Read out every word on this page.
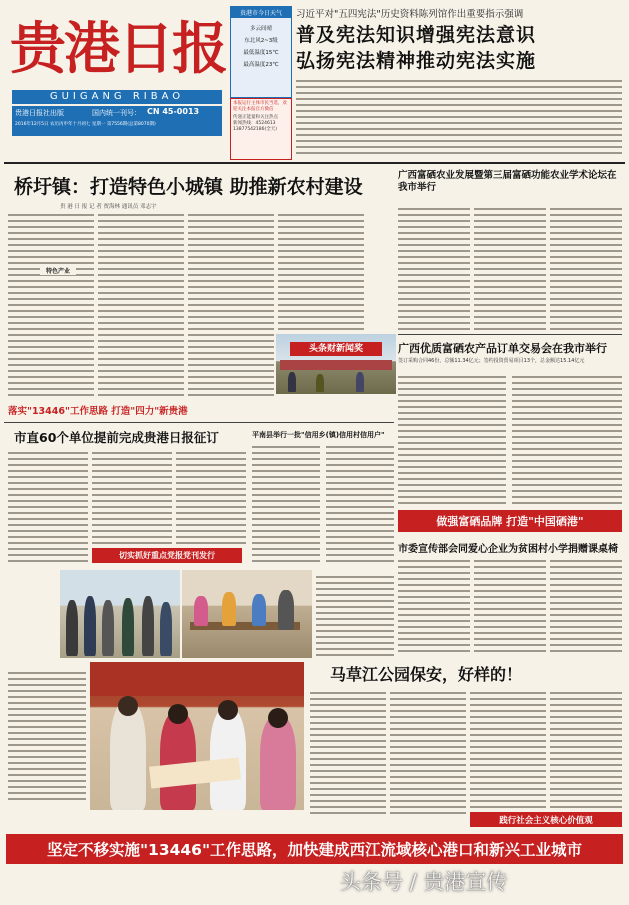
贵港日报
GUIGANG RIBAO
贵港日报社出版	国内统一刊号： CN 45-0013
2016年12月5日 农历丙申年十月初七 星期一 第7556期(总第8070期)
贵港市今日天气
多云间晴
东北风2~3级
最低温度15℃
最高温度23℃
本报运行主体市民当选，欢迎关注本报官方微信
传递正能量和关注热点
新闻热线：4524613
13877542186(全天)
习近平对"五四宪法"历史资料陈列馆作出重要指示强调
普及宪法知识增强宪法意识
弘扬宪法精神推动宪法实施
桥圩镇：打造特色小城镇 助推新农村建设
贵 港 日 报 记 者 贾海林 通讯员 邓志宇
特色产业
头条财新闻奖
广西富硒农业发展暨第三届富硒功能农业学术论坛在我市举行
广西优质富硒农产品订单交易会在我市举行
签订采购合同46份，总额11.34亿元；签约投资贸易项目13个，总金额达15.14亿元
落实"13446"工作思路 打造"四力"新贵港
市直60个单位提前完成贵港日报征订
切实抓好重点党报党刊发行
平南县举行一批"信用乡(镇)信用村信用户"
做强富硒品牌 打造"中国硒港"
市委宣传部会同爱心企业为贫困村小学捐赠课桌椅
马草江公园保安，好样的！
践行社会主义核心价值观
坚定不移实施"13446"工作思路，加快建成西江流域核心港口和新兴工业城市
头条号 / 贵港宣传
